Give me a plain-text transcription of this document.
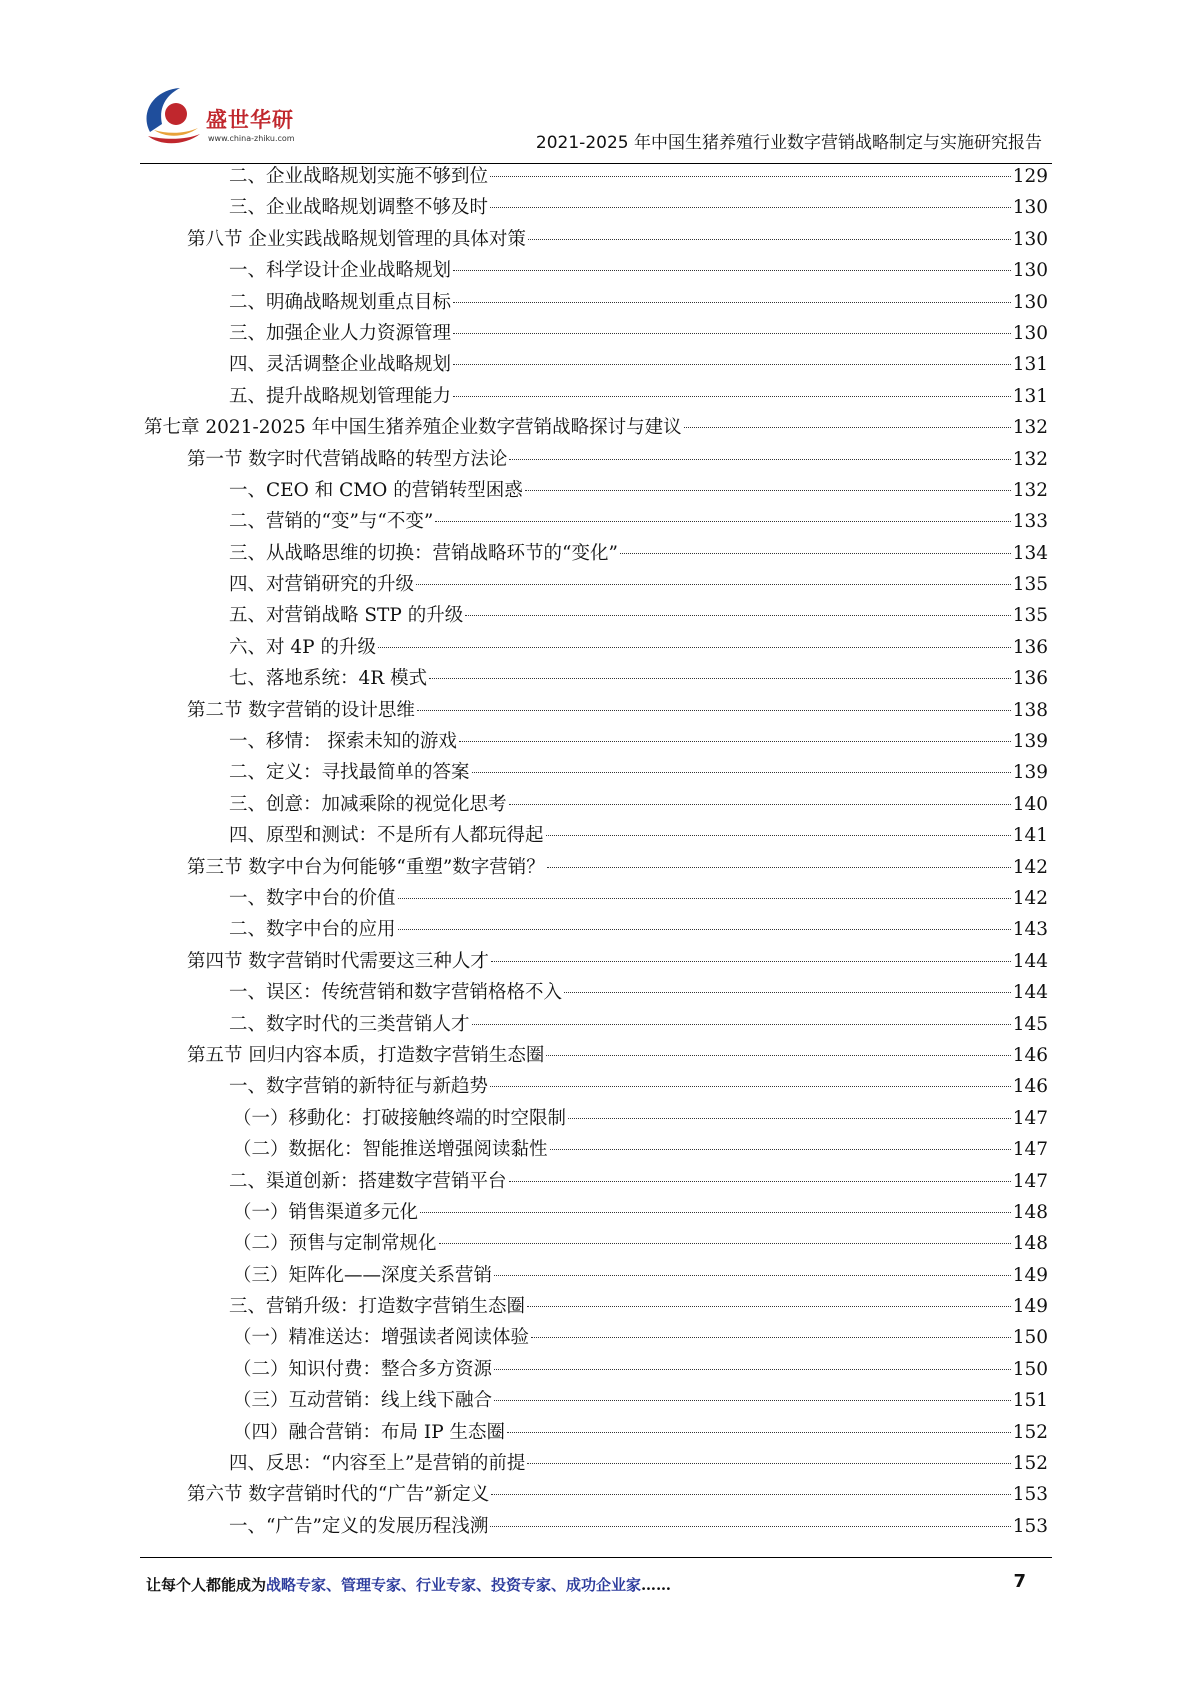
盛世华研
www.china-zhiku.com	2021-2025 年中国生猪养殖行业数字营销战略制定与实施研究报告
二、企业战略规划实施不够到位	129
三、企业战略规划调整不够及时	130
第八节 企业实践战略规划管理的具体对策	130
一、科学设计企业战略规划	130
二、明确战略规划重点目标	130
三、加强企业人力资源管理	130
四、灵活调整企业战略规划	131
五、提升战略规划管理能力	131
第七章 2021-2025 年中国生猪养殖企业数字营销战略探讨与建议	132
第一节 数字时代营销战略的转型方法论	132
一、CEO 和 CMO 的营销转型困惑	132
二、营销的“变”与“不变”	133
三、从战略思维的切换：营销战略环节的“变化”	134
四、对营销研究的升级	135
五、对营销战略 STP 的升级	135
六、对 4P 的升级	136
七、落地系统：4R 模式	136
第二节 数字营销的设计思维	138
一、移情： 探索未知的游戏	139
二、定义：寻找最简单的答案	139
三、创意：加减乘除的视觉化思考	140
四、原型和测试：不是所有人都玩得起	141
第三节 数字中台为何能够“重塑”数字营销？	142
一、数字中台的价值	142
二、数字中台的应用	143
第四节 数字营销时代需要这三种人才	144
一、误区：传统营销和数字营销格格不入	144
二、数字时代的三类营销人才	145
第五节 回归内容本质，打造数字营销生态圈	146
一、数字营销的新特征与新趋势	146
（一）移動化：打破接触终端的时空限制	147
（二）数据化：智能推送增强阅读黏性	147
二、渠道创新：搭建数字营销平台	147
（一）销售渠道多元化	148
（二）预售与定制常规化	148
（三）矩阵化——深度关系营销	149
三、营销升级：打造数字营销生态圈	149
（一）精准送达：增强读者阅读体验	150
（二）知识付费：整合多方资源	150
（三）互动营销：线上线下融合	151
（四）融合营销：布局 IP 生态圈	152
四、反思：“内容至上”是营销的前提	152
第六节 数字营销时代的“广告”新定义	153
一、“广告”定义的发展历程浅溯	153
让每个人都能成为战略专家、管理专家、行业专家、投资专家、成功企业家……	7
